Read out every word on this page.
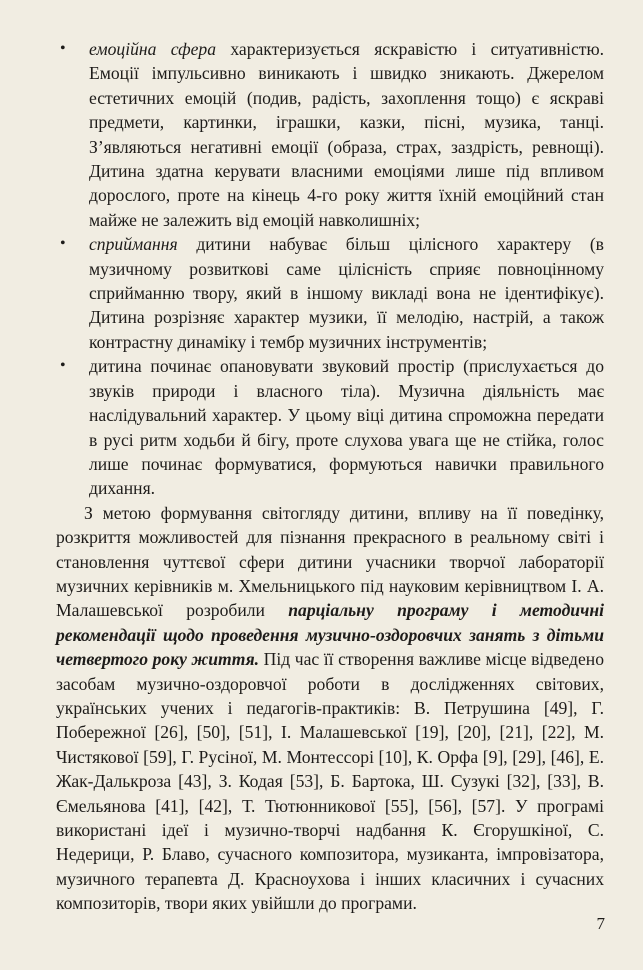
• емоційна сфера характеризується яскравістю і ситуативністю. Емоції імпульсивно виникають і швидко зникають. Джерелом естетичних емоцій (подив, радість, захоплення тощо) є яскраві предмети, картинки, іграшки, казки, пісні, музика, танці. З’являються негативні емоції (образа, страх, заздрість, ревнощі). Дитина здатна керувати власними емоціями лише під впливом дорослого, проте на кінець 4-го року життя їхній емоційний стан майже не залежить від емоцій навколишніх;
• сприймання дитини набуває більш цілісного характеру (в музичному розвиткові саме цілісність сприяє повноцінному сприйманню твору, який в іншому викладі вона не ідентифікує). Дитина розрізняє характер музики, її мелодію, настрій, а також контрастну динаміку і тембр музичних інструментів;
• дитина починає опановувати звуковий простір (прислухається до звуків природи і власного тіла). Музична діяльність має наслідувальний характер. У цьому віці дитина спроможна передати в русі ритм ходьби й бігу, проте слухова увага ще не стійка, голос лише починає формуватися, формуються навички правильного дихання.

З метою формування світогляду дитини, впливу на її поведінку, розкриття можливостей для пізнання прекрасного в реальному світі і становлення чуттєвої сфери дитини учасники творчої лабораторії музичних керівників м. Хмельницького під науковим керівництвом І. А. Малашевської розробили парціальну програму і методичні рекомендації щодо проведення музично-оздоровчих занять з дітьми четвертого року життя. Під час її створення важливе місце відведено засобам музично-оздоровчої роботи в дослідженнях світових, українських учених і педагогів-практиків: В. Петрушина [49], Г. Побережної [26], [50], [51], І. Малашевської [19], [20], [21], [22], М. Чистякової [59], Г. Русіної, М. Монтессорі [10], К. Орфа [9], [29], [46], Е. Жак-Далькроза [43], З. Кодая [53], Б. Бартока, Ш. Сузукі [32], [33], В. Ємельянова [41], [42], Т. Тютюнникової [55], [56], [57]. У програмі використані ідеї і музично-творчі надбання К. Єгорушкіної, С. Недерици, Р. Блаво, сучасного композитора, музиканта, імпровізатора, музичного терапевта Д. Красноухова і інших класичних і сучасних композиторів, твори яких увійшли до програми.

7
